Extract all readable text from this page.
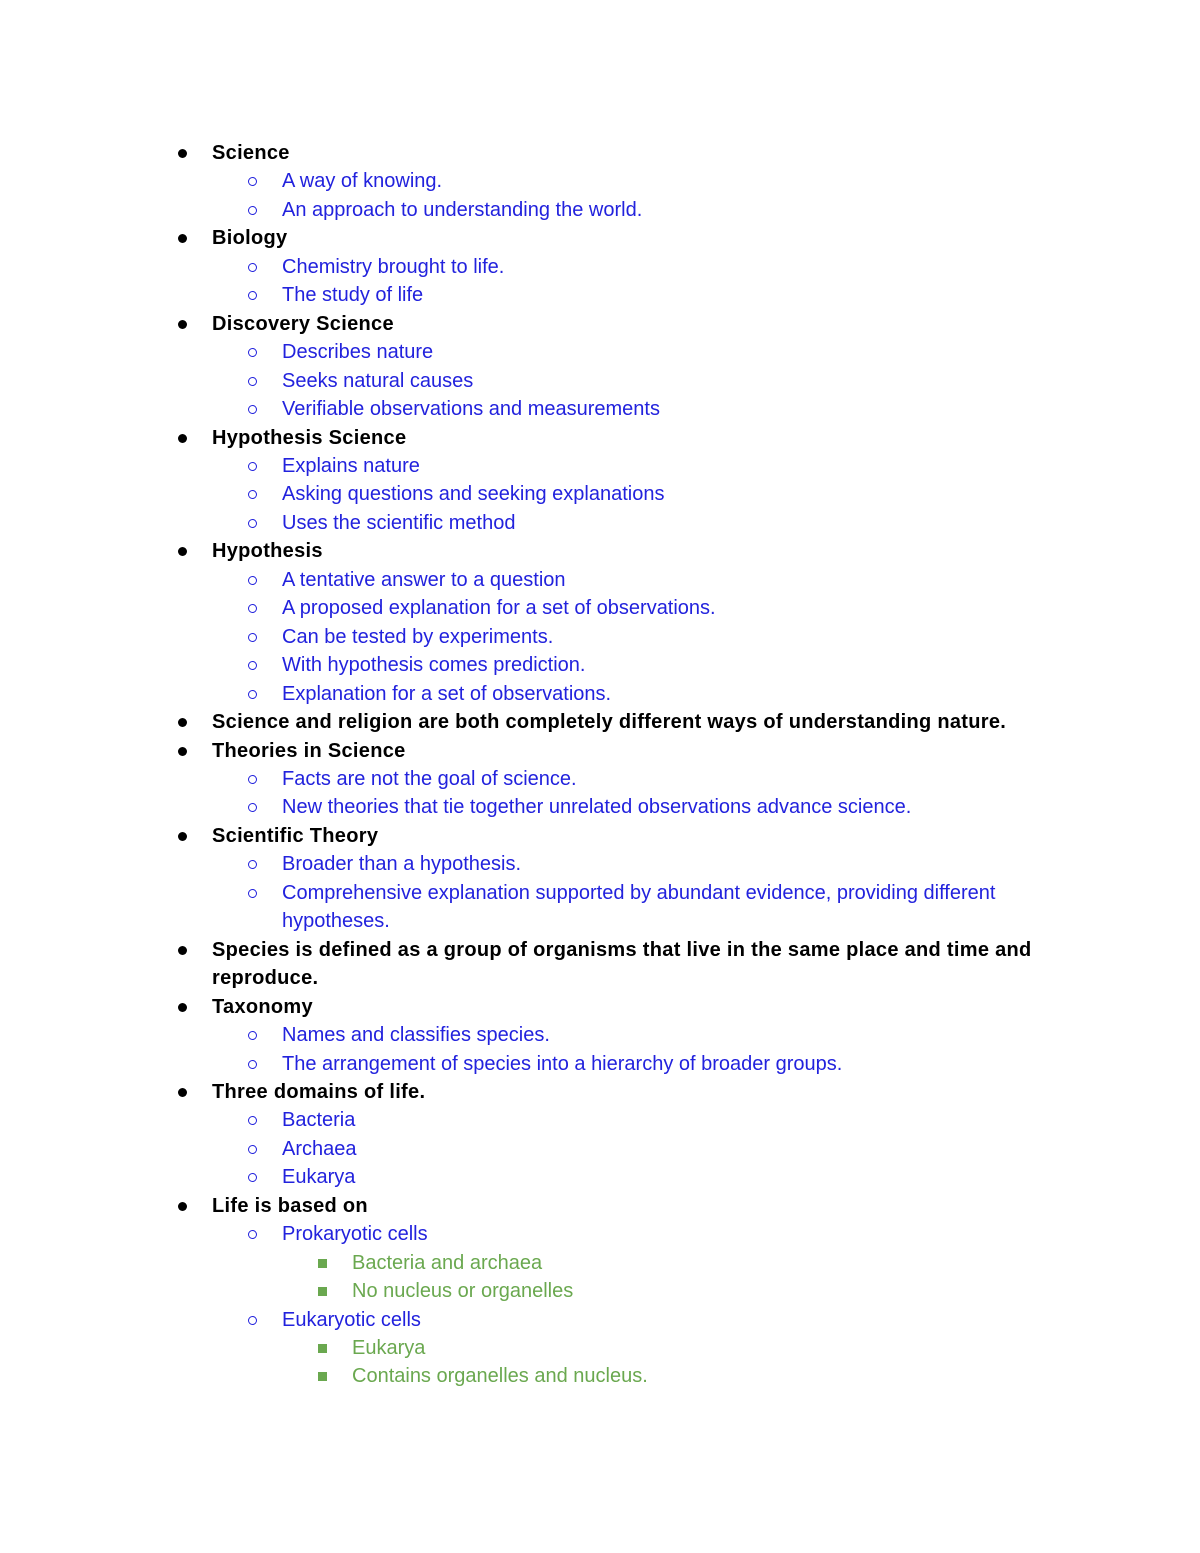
Science
A way of knowing.
An approach to understanding the world.
Biology
Chemistry brought to life.
The study of life
Discovery Science
Describes nature
Seeks natural causes
Verifiable observations and measurements
Hypothesis Science
Explains nature
Asking questions and seeking explanations
Uses the scientific method
Hypothesis
A tentative answer to a question
A proposed explanation for a set of observations.
Can be tested by experiments.
With hypothesis comes prediction.
Explanation for a set of observations.
Science and religion are both completely different ways of understanding nature.
Theories in Science
Facts are not the goal of science.
New theories that tie together unrelated observations advance science.
Scientific Theory
Broader than a hypothesis.
Comprehensive explanation supported by abundant evidence, providing different hypotheses.
Species is defined as a group of organisms that live in the same place and time and reproduce.
Taxonomy
Names and classifies species.
The arrangement of species into a hierarchy of broader groups.
Three domains of life.
Bacteria
Archaea
Eukarya
Life is based on
Prokaryotic cells
Bacteria and archaea
No nucleus or organelles
Eukaryotic cells
Eukarya
Contains organelles and nucleus.
